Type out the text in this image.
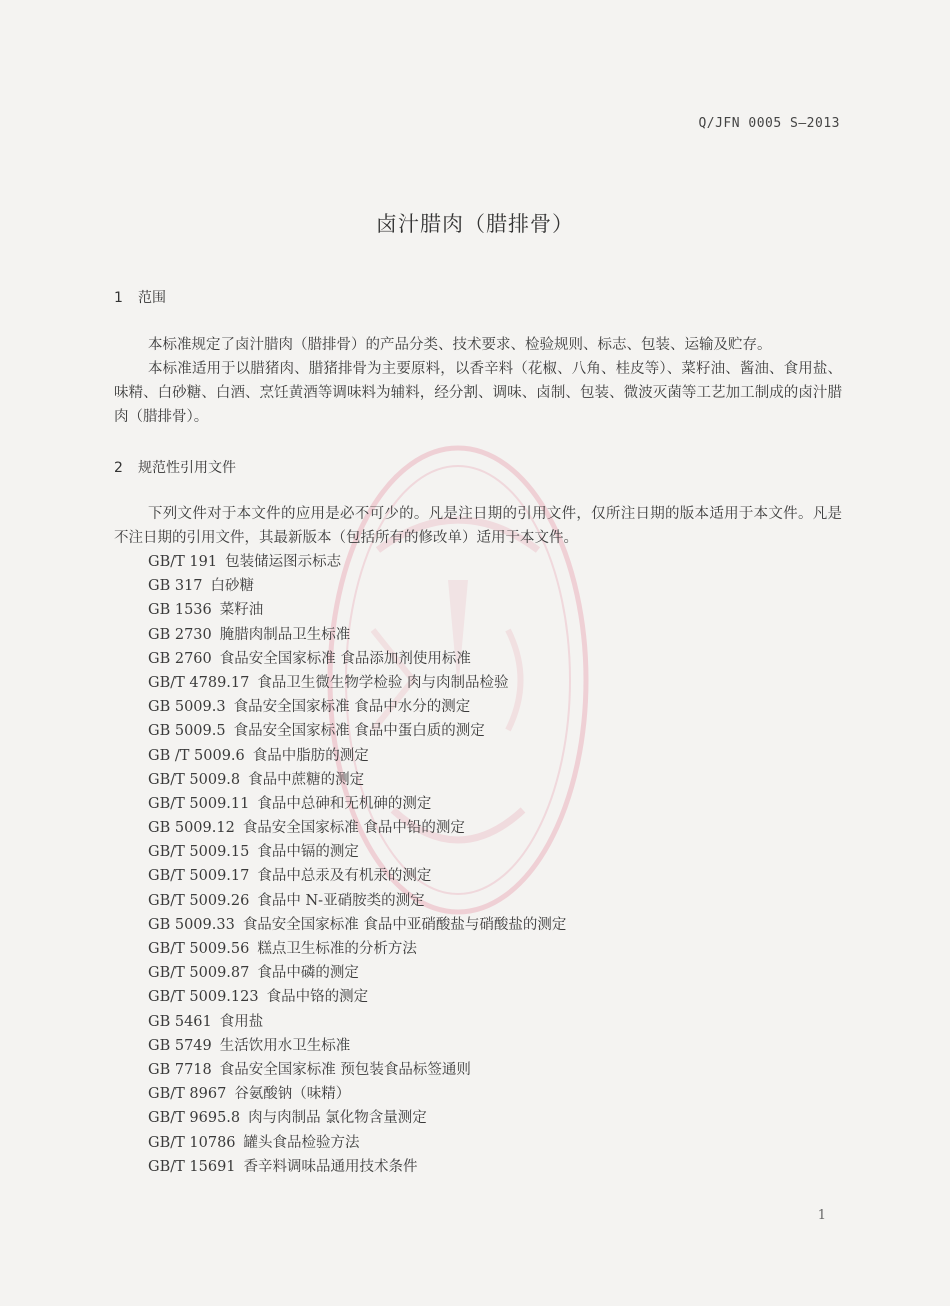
Q/JFN 0005 S—2013
卤汁腊肉（腊排骨）
1 范围

本标准规定了卤汁腊肉（腊排骨）的产品分类、技术要求、检验规则、标志、包装、运输及贮存。

本标准适用于以腊猪肉、腊猪排骨为主要原料，以香辛料（花椒、八角、桂皮等）、菜籽油、酱油、食用盐、味精、白砂糖、白酒、烹饪黄酒等调味料为辅料，经分割、调味、卤制、包装、微波灭菌等工艺加工制成的卤汁腊肉（腊排骨）。

2 规范性引用文件

下列文件对于本文件的应用是必不可少的。凡是注日期的引用文件，仅所注日期的版本适用于本文件。凡是不注日期的引用文件，其最新版本（包括所有的修改单）适用于本文件。

GB/T 191 包装储运图示标志
GB 317 白砂糖
GB 1536 菜籽油
GB 2730 腌腊肉制品卫生标准
GB 2760 食品安全国家标准 食品添加剂使用标准
GB/T 4789.17 食品卫生微生物学检验 肉与肉制品检验
GB 5009.3 食品安全国家标准 食品中水分的测定
GB 5009.5 食品安全国家标准 食品中蛋白质的测定
GB /T 5009.6 食品中脂肪的测定
GB/T 5009.8 食品中蔗糖的测定
GB/T 5009.11 食品中总砷和无机砷的测定
GB 5009.12 食品安全国家标准 食品中铅的测定
GB/T 5009.15 食品中镉的测定
GB/T 5009.17 食品中总汞及有机汞的测定
GB/T 5009.26 食品中 N-亚硝胺类的测定
GB 5009.33 食品安全国家标准 食品中亚硝酸盐与硝酸盐的测定
GB/T 5009.56 糕点卫生标准的分析方法
GB/T 5009.87 食品中磷的测定
GB/T 5009.123 食品中铬的测定
GB 5461 食用盐
GB 5749 生活饮用水卫生标准
GB 7718 食品安全国家标准 预包装食品标签通则
GB/T 8967 谷氨酸钠（味精）
GB/T 9695.8 肉与肉制品 氯化物含量测定
GB/T 10786 罐头食品检验方法
GB/T 15691 香辛料调味品通用技术条件
1
